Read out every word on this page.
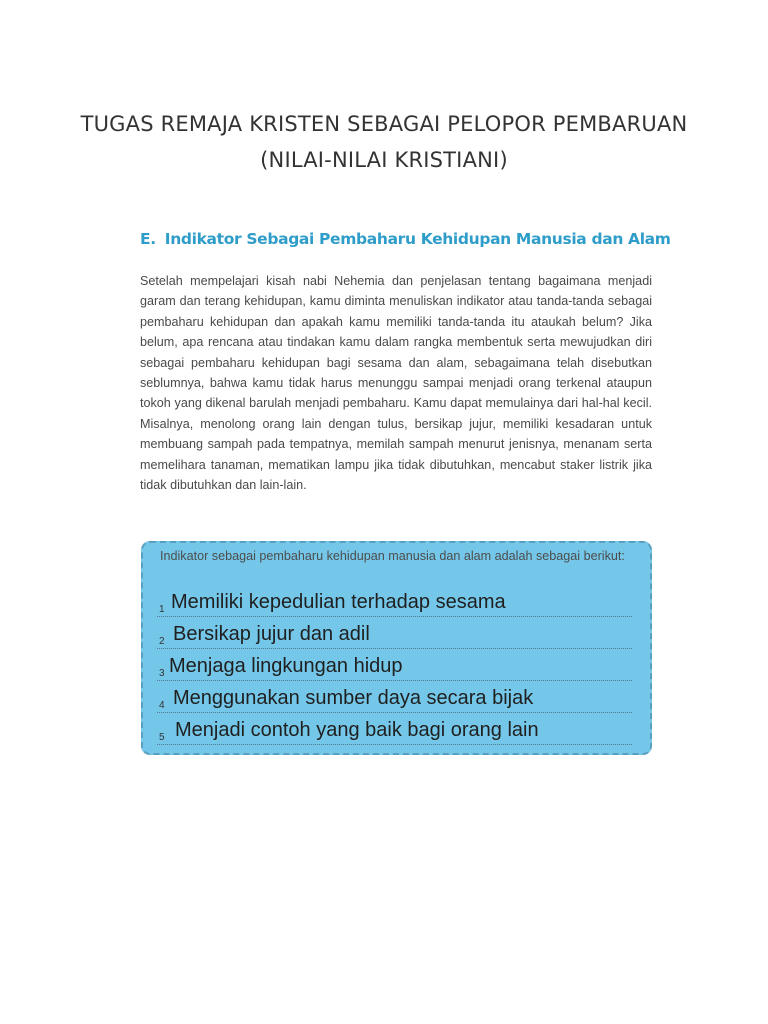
TUGAS REMAJA KRISTEN SEBAGAI PELOPOR PEMBARUAN
(NILAI-NILAI KRISTIANI)
E. Indikator Sebagai Pembaharu Kehidupan Manusia dan Alam

Setelah mempelajari kisah nabi Nehemia dan penjelasan tentang bagaimana menjadi garam dan terang kehidupan, kamu diminta menuliskan indikator atau tanda-tanda sebagai pembaharu kehidupan dan apakah kamu memiliki tanda-tanda itu ataukah belum? Jika belum, apa rencana atau tindakan kamu dalam rangka membentuk serta mewujudkan diri sebagai pembaharu kehidupan bagi sesama dan alam, sebagaimana telah disebutkan seblumnya, bahwa kamu tidak harus menunggu sampai menjadi orang terkenal ataupun tokoh yang dikenal barulah menjadi pembaharu. Kamu dapat memulainya dari hal-hal kecil. Misalnya, menolong orang lain dengan tulus, bersikap jujur, memiliki kesadaran untuk membuang sampah pada tempatnya, memilah sampah menurut jenisnya, menanam serta memelihara tanaman, mematikan lampu jika tidak dibutuhkan, mencabut staker listrik jika tidak dibutuhkan dan lain-lain.

Indikator sebagai pembaharu kehidupan manusia dan alam adalah sebagai berikut:

1 Memiliki kepedulian terhadap sesama
2 Bersikap jujur dan adil
3 Menjaga lingkungan hidup
4 Menggunakan sumber daya secara bijak
5 Menjadi contoh yang baik bagi orang lain
